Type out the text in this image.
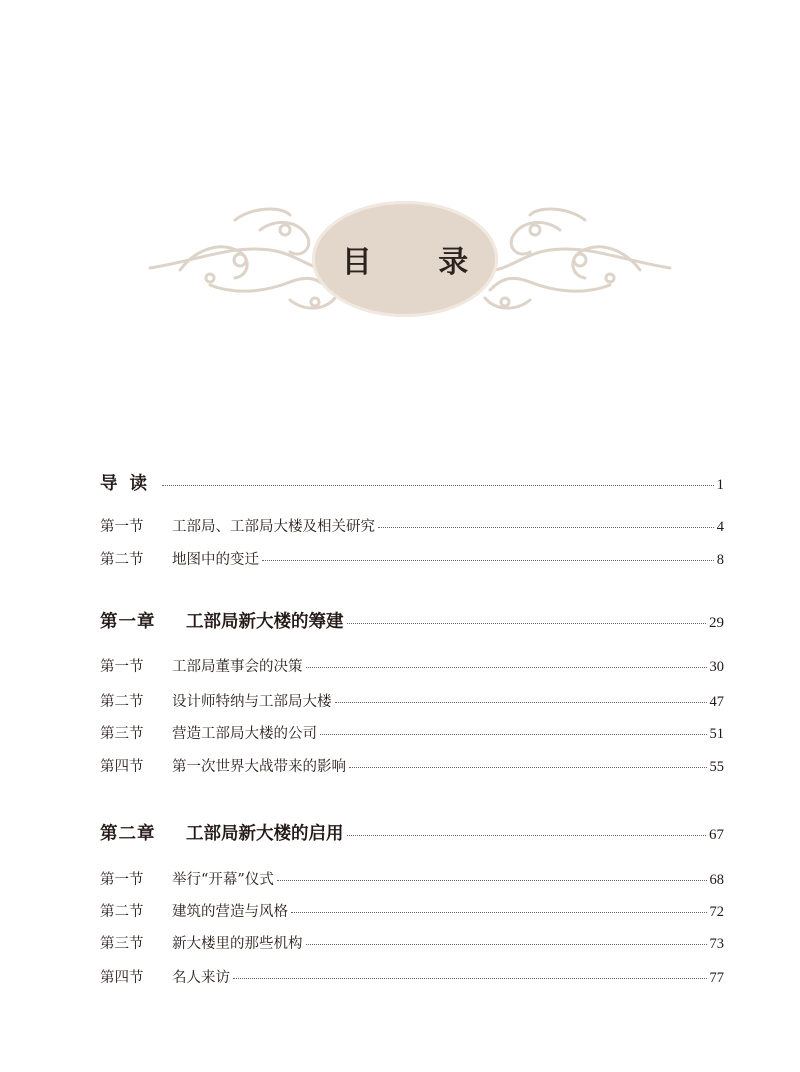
目 录
导读	1
第一节	工部局、工部局大楼及相关研究	4
第二节	地图中的变迁	8
第一章	工部局新大楼的筹建	29
第一节	工部局董事会的决策	30
第二节	设计师特纳与工部局大楼	47
第三节	营造工部局大楼的公司	51
第四节	第一次世界大战带来的影响	55
第二章	工部局新大楼的启用	67
第一节	举行“开幕”仪式	68
第二节	建筑的营造与风格	72
第三节	新大楼里的那些机构	73
第四节	名人来访	77
